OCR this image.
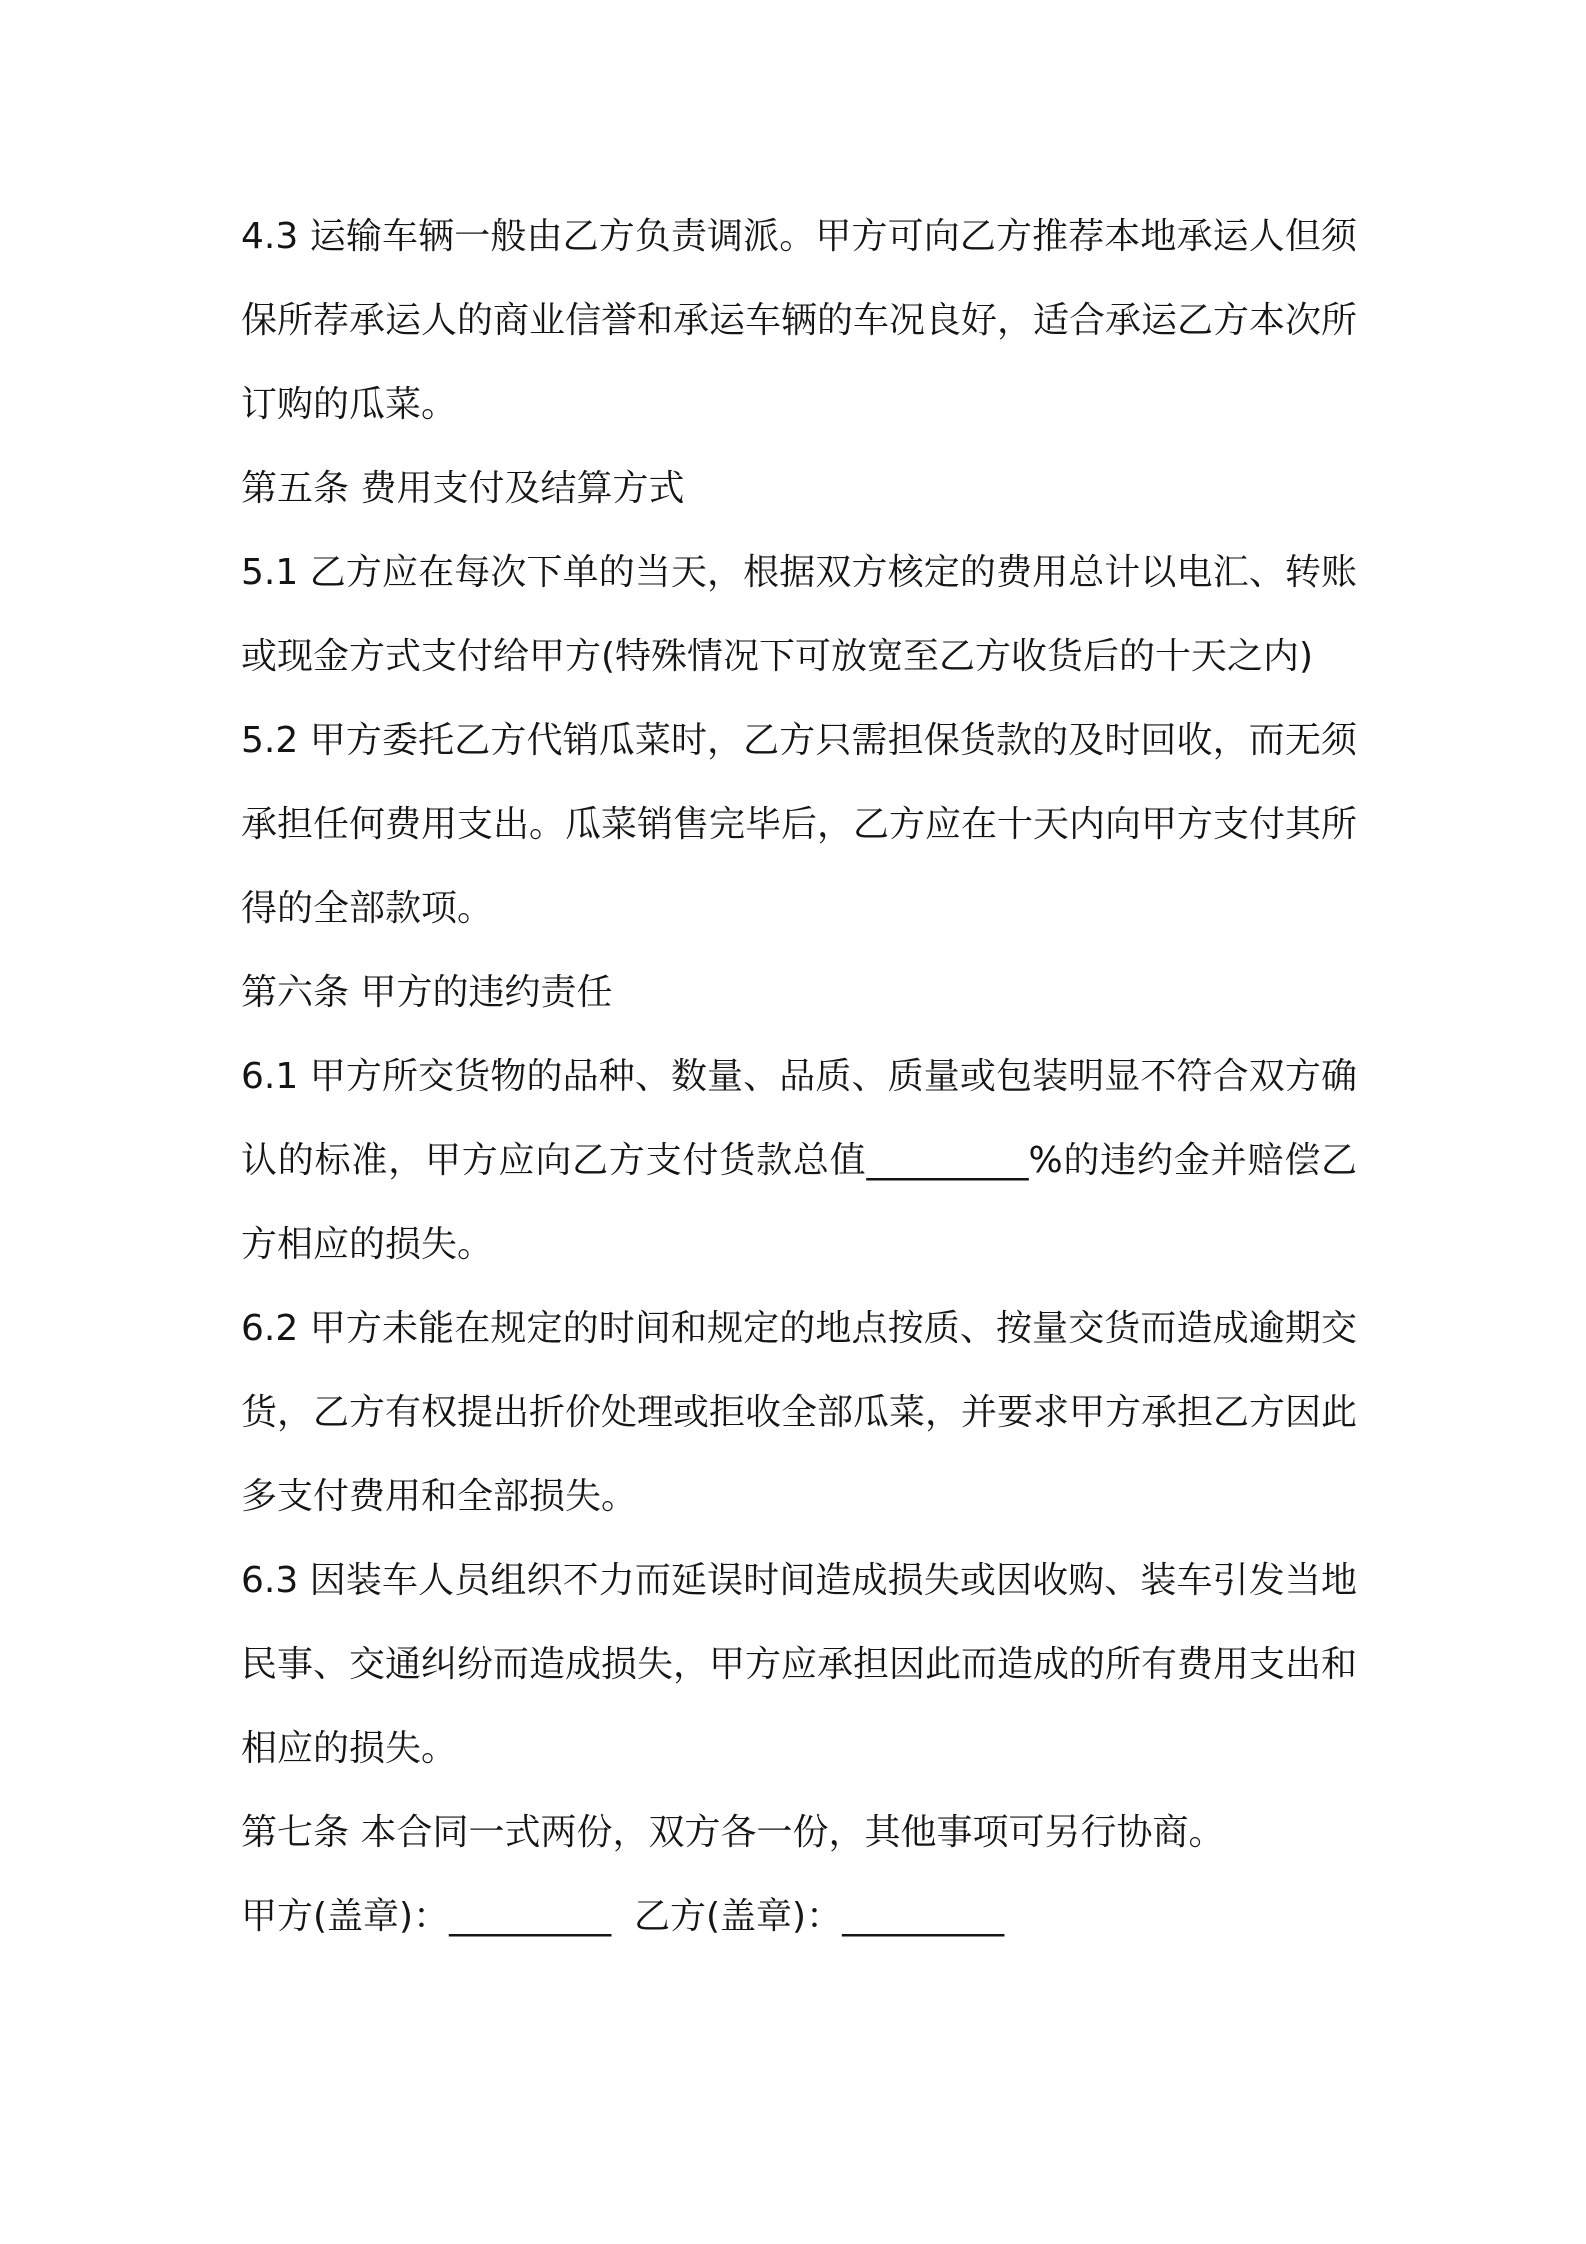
4.3 运输车辆一般由乙方负责调派。甲方可向乙方推荐本地承运人但须保所荐承运人的商业信誉和承运车辆的车况良好，适合承运乙方本次所订购的瓜菜。

第五条 费用支付及结算方式

5.1 乙方应在每次下单的当天，根据双方核定的费用总计以电汇、转账或现金方式支付给甲方(特殊情况下可放宽至乙方收货后的十天之内)

5.2 甲方委托乙方代销瓜菜时，乙方只需担保货款的及时回收，而无须承担任何费用支出。瓜菜销售完毕后，乙方应在十天内向甲方支付其所得的全部款项。

第六条 甲方的违约责任

6.1 甲方所交货物的品种、数量、品质、质量或包装明显不符合双方确认的标准，甲方应向乙方支付货款总值_________%的违约金并赔偿乙方相应的损失。

6.2 甲方未能在规定的时间和规定的地点按质、按量交货而造成逾期交货，乙方有权提出折价处理或拒收全部瓜菜，并要求甲方承担乙方因此多支付费用和全部损失。

6.3 因装车人员组织不力而延误时间造成损失或因收购、装车引发当地民事、交通纠纷而造成损失，甲方应承担因此而造成的所有费用支出和相应的损失。

第七条 本合同一式两份，双方各一份，其他事项可另行协商。

甲方(盖章)：_________  乙方(盖章)：_________
